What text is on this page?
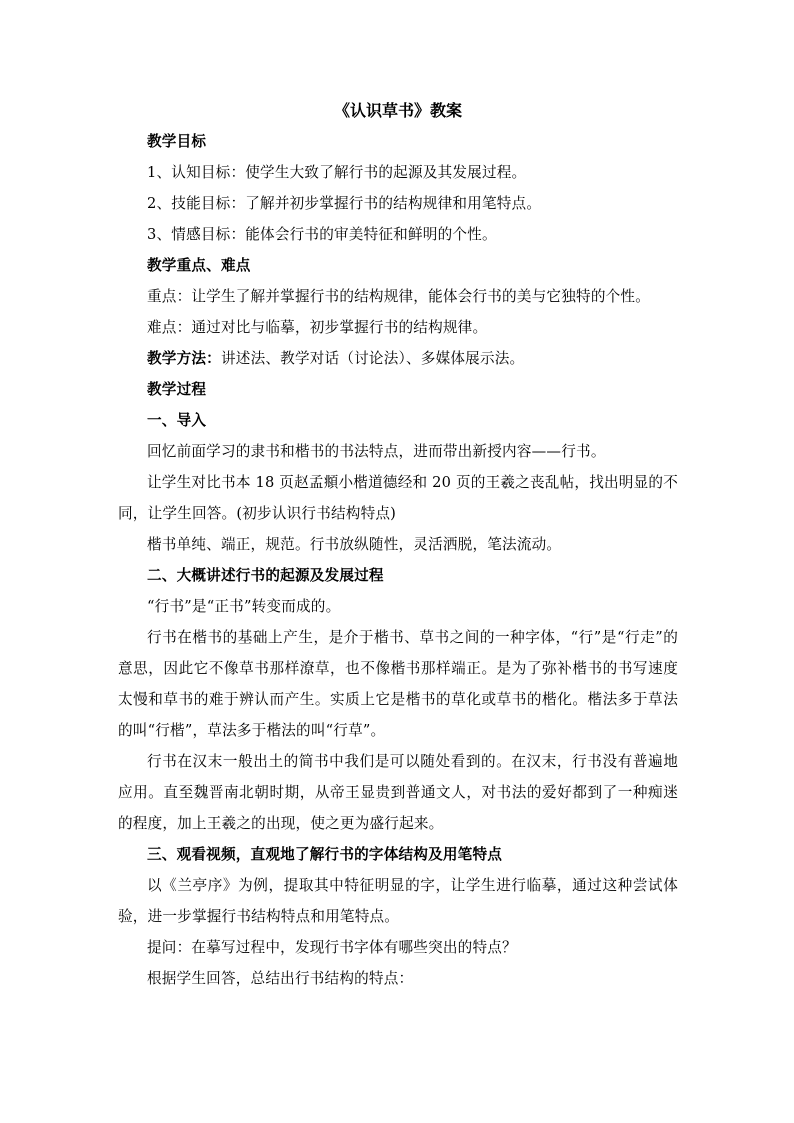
《认识草书》教案

教学目标

1、认知目标：使学生大致了解行书的起源及其发展过程。

2、技能目标：了解并初步掌握行书的结构规律和用笔特点。

3、情感目标：能体会行书的审美特征和鲜明的个性。

教学重点、难点

重点：让学生了解并掌握行书的结构规律，能体会行书的美与它独特的个性。

难点：通过对比与临摹，初步掌握行书的结构规律。

教学方法：讲述法、教学对话（讨论法）、多媒体展示法。

教学过程

一、导入

回忆前面学习的隶书和楷书的书法特点，进而带出新授内容——行书。

让学生对比书本 18 页赵孟頫小楷道德经和 20 页的王羲之丧乱帖，找出明显的不同，让学生回答。(初步认识行书结构特点)

楷书单纯、端正，规范。行书放纵随性，灵活洒脱，笔法流动。

二、大概讲述行书的起源及发展过程

“行书”是“正书”转变而成的。

行书在楷书的基础上产生，是介于楷书、草书之间的一种字体，“行”是“行走”的意思，因此它不像草书那样潦草，也不像楷书那样端正。是为了弥补楷书的书写速度太慢和草书的难于辨认而产生。实质上它是楷书的草化或草书的楷化。楷法多于草法的叫“行楷”，草法多于楷法的叫“行草”。

行书在汉末一般出土的简书中我们是可以随处看到的。在汉末，行书没有普遍地应用。直至魏晋南北朝时期，从帝王显贵到普通文人，对书法的爱好都到了一种痴迷的程度，加上王羲之的出现，使之更为盛行起来。

三、观看视频，直观地了解行书的字体结构及用笔特点

以《兰亭序》为例，提取其中特征明显的字，让学生进行临摹，通过这种尝试体验，进一步掌握行书结构特点和用笔特点。

提问：在摹写过程中，发现行书字体有哪些突出的特点？

根据学生回答，总结出行书结构的特点：
